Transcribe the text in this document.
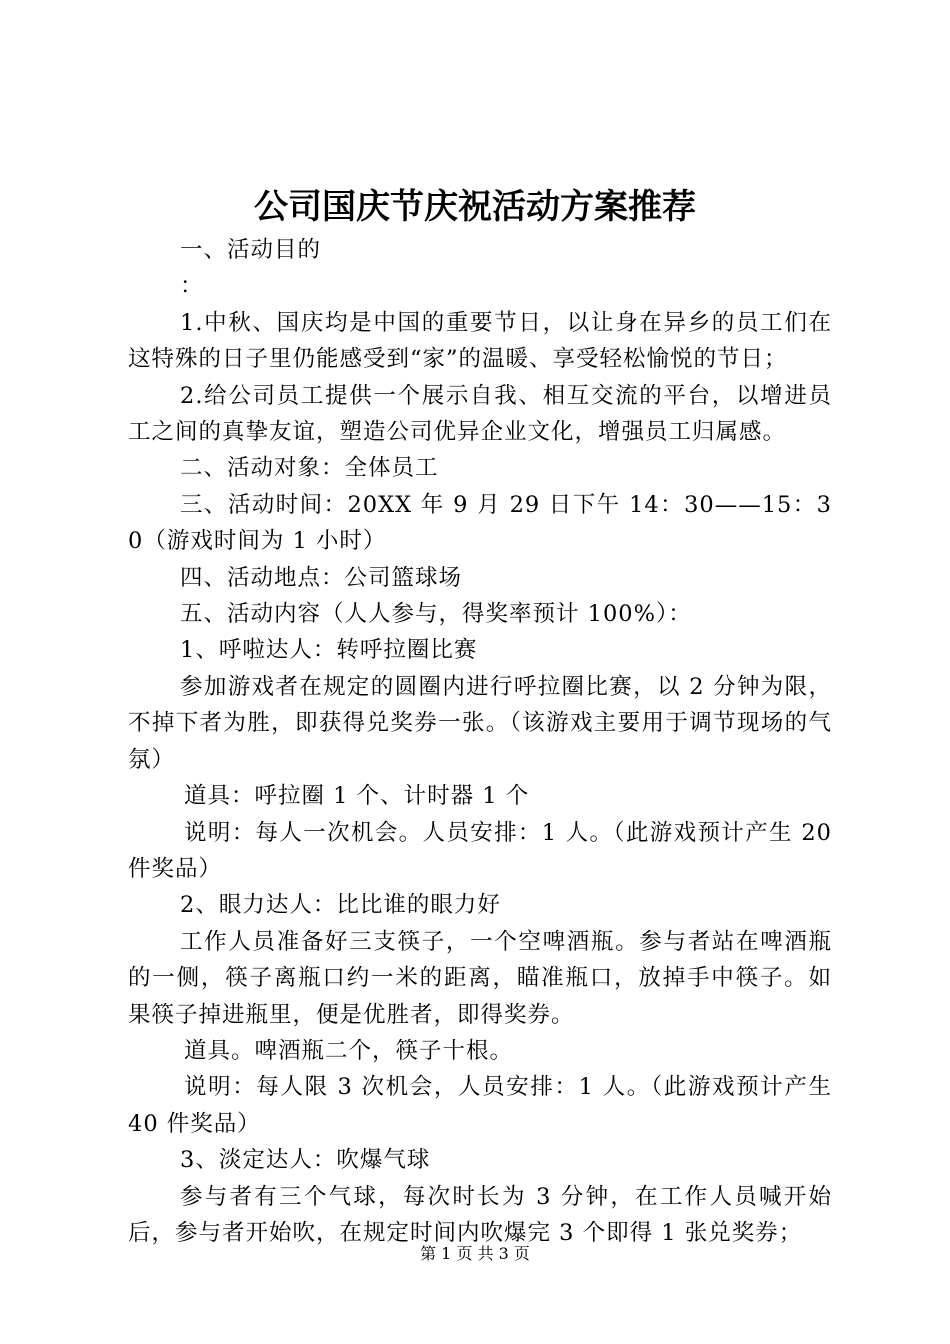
公司国庆节庆祝活动方案推荐

一、活动目的

：

1.中秋、国庆均是中国的重要节日，以让身在异乡的员工们在这特殊的日子里仍能感受到“家”的温暖、享受轻松愉悦的节日；

2.给公司员工提供一个展示自我、相互交流的平台，以增进员工之间的真挚友谊，塑造公司优异企业文化，增强员工归属感。

二、活动对象：全体员工

三、活动时间：20XX 年 9 月 29 日下午 14：30——15：30（游戏时间为 1 小时）

四、活动地点：公司篮球场

五、活动内容（人人参与，得奖率预计 100%）：

1、呼啦达人：转呼拉圈比赛

参加游戏者在规定的圆圈内进行呼拉圈比赛，以 2 分钟为限，不掉下者为胜，即获得兑奖券一张。（该游戏主要用于调节现场的气氛）

道具：呼拉圈 1 个、计时器 1 个

说明：每人一次机会。人员安排：1 人。（此游戏预计产生 20 件奖品）

2、眼力达人：比比谁的眼力好

工作人员准备好三支筷子，一个空啤酒瓶。参与者站在啤酒瓶的一侧，筷子离瓶口约一米的距离，瞄准瓶口，放掉手中筷子。如果筷子掉进瓶里，便是优胜者，即得奖券。

道具。啤酒瓶二个，筷子十根。

说明：每人限 3 次机会，人员安排：1 人。（此游戏预计产生 40 件奖品）

3、淡定达人：吹爆气球

参与者有三个气球，每次时长为 3 分钟，在工作人员喊开始后，参与者开始吹，在规定时间内吹爆完 3 个即得 1 张兑奖券；

第 1 页 共 3 页
